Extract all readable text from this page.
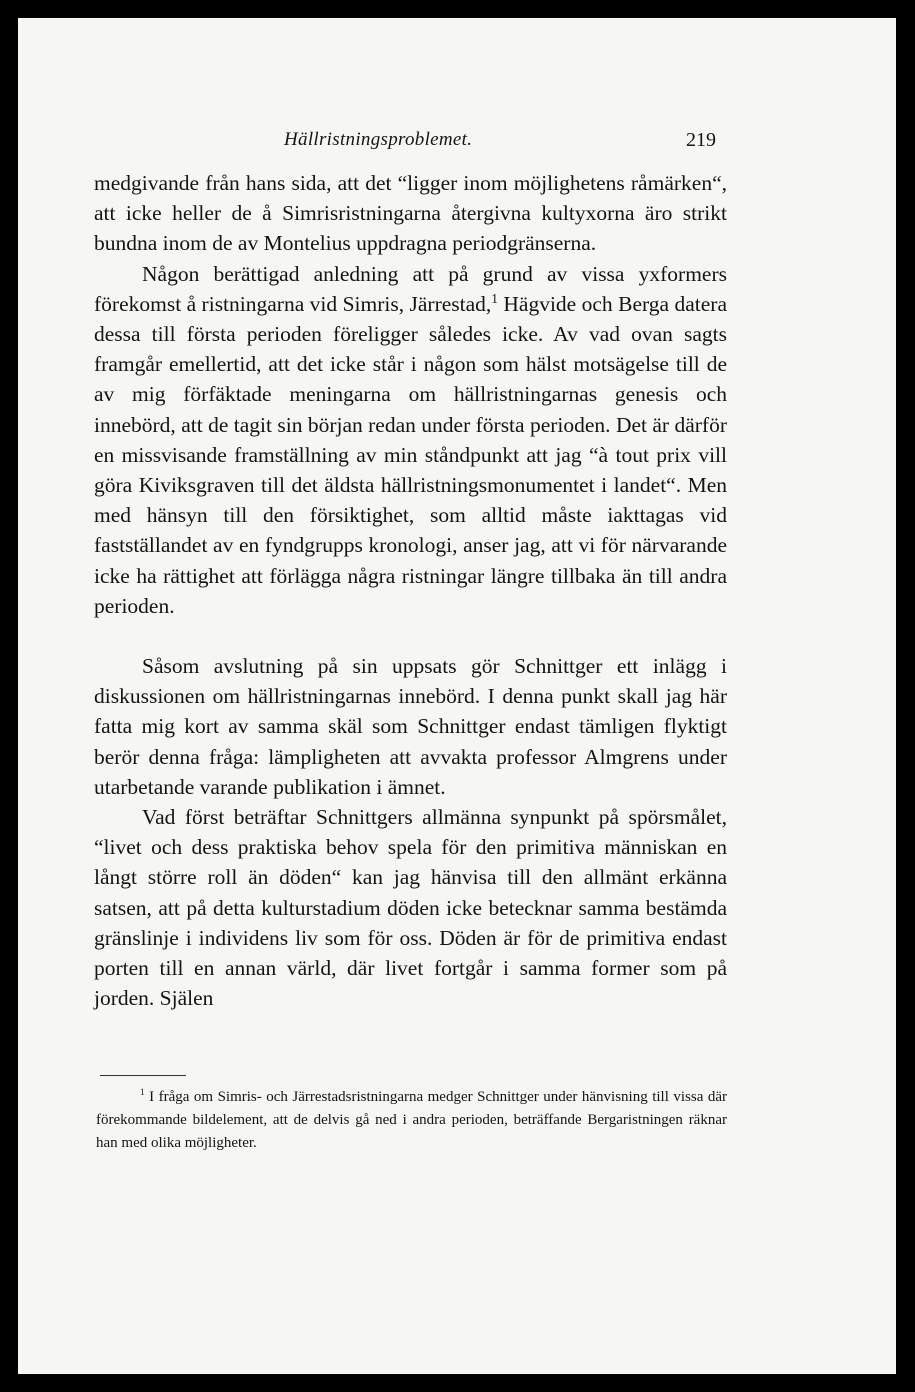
Hällristningsproblemet.	219

medgivande från hans sida, att det “ligger inom möjlighetens råmärken“, att icke heller de å Simrisristningarna återgivna kultyxorna äro strikt bundna inom de av Montelius uppdragna periodgränserna.

Någon berättigad anledning att på grund av vissa yxformers förekomst å ristningarna vid Simris, Järrestad,$^1$ Hägvide och Berga datera dessa till första perioden föreligger således icke. Av vad ovan sagts framgår emellertid, att det icke står i någon som hälst motsägelse till de av mig förfäktade meningarna om hällristningarnas genesis och innebörd, att de tagit sin början redan under första perioden. Det är därför en missvisande framställning av min ståndpunkt att jag “à tout prix vill göra Kiviksgraven till det äldsta hällristningsmonumentet i landet“. Men med hänsyn till den försiktighet, som alltid måste iakttagas vid fastställandet av en fyndgrupps kronologi, anser jag, att vi för närvarande icke ha rättighet att förlägga några ristningar längre tillbaka än till andra perioden.

Såsom avslutning på sin uppsats gör Schnittger ett inlägg i diskussionen om hällristningarnas innebörd. I denna punkt skall jag här fatta mig kort av samma skäl som Schnittger endast tämligen flyktigt berör denna fråga: lämpligheten att avvakta professor Almgrens under utarbetande varande publikation i ämnet.

Vad först beträftar Schnittgers allmänna synpunkt på spörsmålet, “livet och dess praktiska behov spela för den primitiva människan en långt större roll än döden“ kan jag hänvisa till den allmänt erkänna satsen, att på detta kulturstadium döden icke betecknar samma bestämda gränslinje i individens liv som för oss. Döden är för de primitiva endast porten till en annan värld, där livet fortgår i samma former som på jorden. Själen

$^1$ I fråga om Simris- och Järrestadsristningarna medger Schnittger under hänvisning till vissa där förekommande bildelement, att de delvis gå ned i andra perioden, beträffande Bergaristningen räknar han med olika möjligheter.
